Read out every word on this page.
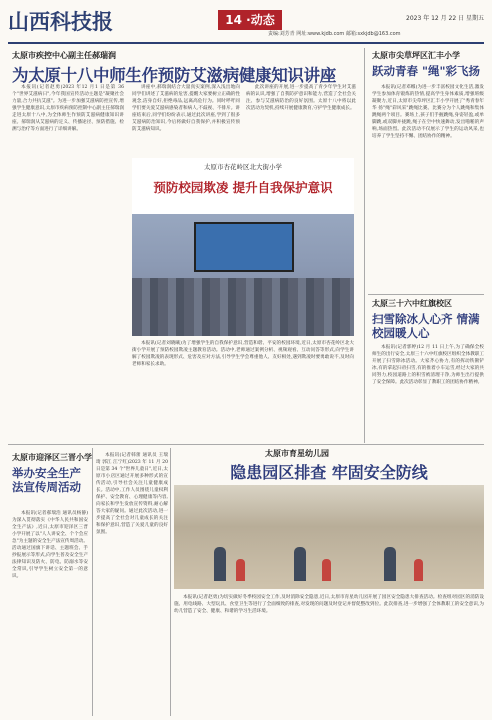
山西科技报	14 ·动态	2023 年 12 月 22 日 星期五
责编:刘芳青 网址:www.kjdb.com 邮箱:sxkjdb@163.com
太原市疾控中心副主任郝瑞润
为太原十八中师生作预防艾滋病健康知识讲座
本报讯(记者赵勇)2023 年12 月1 日是第 36 个"世界艾滋病日",今年我国宣传活动主题是"凝聚社会力量,合力共抗艾滋"。为进一步加强艾滋病防控宣传,增强学生健康意识,太原市疾病预防控制中心副主任郝瑞润走进太原十八中,为全体师生作预防艾滋病健康知识讲座。郝瑞润从艾滋病的定义、传播途径、预防措施、检测与治疗等方面进行了详细讲解。
讲座中,郝瑞润结合大量真实案例,深入浅出地向同学们讲述了艾滋病的危害,提醒大家要树立正确的性观念,洁身自好,拒绝毒品,远离高危行为。同时呼吁同学们要关爱艾滋病感染者和病人,不歧视、不排斥。讲座结束后,同学们纷纷表示,通过此次讲座,学到了很多艾滋病防治知识,今后将做好自我保护,并积极宣传预防艾滋病知识。
此次讲座的开展,进一步提高了青少年学生对艾滋病的认识,增强了自我防护意识和能力,营造了全社会关注、参与艾滋病防治的良好氛围。太原十八中将以此次活动为契机,持续开展健康教育,守护学生健康成长。
太原市杏花岭区北大街小学
预防校园欺凌 提升自我保护意识
本报讯(记者刘晓曦)为了增强学生的自我保护意识,营造和谐、平安的校园环境,近日,太原市杏花岭区北大街小学开展了预防校园欺凌主题教育活动。活动中,老师通过案例分析、视频观看、互动问答等形式,向学生讲解了校园欺凌的表现形式、危害及应对方法,引导学生学会尊重他人、友好相处,遇到欺凌时要勇敢说不,及时向老师和家长求助。
太原市尖草坪区汇丰小学
跃动青春 "绳"彩飞扬
本报讯(记者邓娜)为进一步丰富校园文化生活,激发学生参加体育锻炼的热情,提高学生身体素质,增强班级凝聚力,近日,太原市尖草坪区汇丰小学开展了"秀青春年华 扬"绳"彩风采"跳绳比赛。比赛分为个人跳绳和集体跳绳两个项目。赛场上,孩子们手握跳绳,身姿轻盈,或单脚跳,或双脚并拢跳,绳子在空中快速舞动,发出啪啪的声响,场面热烈。此次活动不仅展示了学生的运动风采,也培养了学生坚持不懈、团结协作的精神。
太原三十六中红旗校区
扫雪除冰人心齐 情满校园暖人心
本报讯(记者郭婷)12 月 11 日上午,为了确保全校师生的出行安全,太原三十六中红旗校区组织全体教职工开展了扫雪除冰活动。大家齐心协力,有的挥动铁锹铲冰,有的拿起扫帚扫雪,有的推着小车运雪,经过大家的共同努力,校园道路上的积雪被清理干净,为师生出行提供了安全保障。此次活动彰显了教职工的团结协作精神。
太原市迎泽区三晋小学
举办安全生产法宣传周活动
本报讯(记者郝瑞浩 通讯员杨静)为深入贯彻落实《中华人民共和国安全生产法》,近日,太原市迎泽区三晋小学开展了以"人人讲安全、个个会应急"为主题的安全生产法宣传周活动。活动通过国旗下讲话、主题班会、手抄报展示等形式,向学生普及安全生产法律知识及防火、防电、防溺水等安全常识,引导学生树立安全第一的意识。
本报讯(记者韩蕾 通讯员 王瑞琦 郭江 江宁红)2023 年 11 月 20 日是第 34 个"世界儿童日",近日,太原市小店区通过开展多种形式的宣传活动,引导社会关注儿童健康成长。活动中,工作人员围绕儿童权利保护、安全教育、心理健康等内容,向家长和学生发放宣传资料,耐心解答大家的疑问。通过此次活动,进一步提高了全社会对儿童成长的关注和保护意识,营造了关爱儿童的良好氛围。
太原市育星幼儿园
隐患园区排查 牢固安全防线
本报讯(记者赵勇)为切实做好冬季校园安全工作,及时消除安全隐患,近日,太原市育星幼儿园开展了园区安全隐患大排查活动。检查组对园区的消防设施、用电线路、大型玩具、食堂卫生等进行了全面细致的排查,对发现的问题及时登记并督促整改到位。此次排查,进一步增强了全体教职工的安全意识,为幼儿营造了安全、健康、和谐的学习生活环境。
